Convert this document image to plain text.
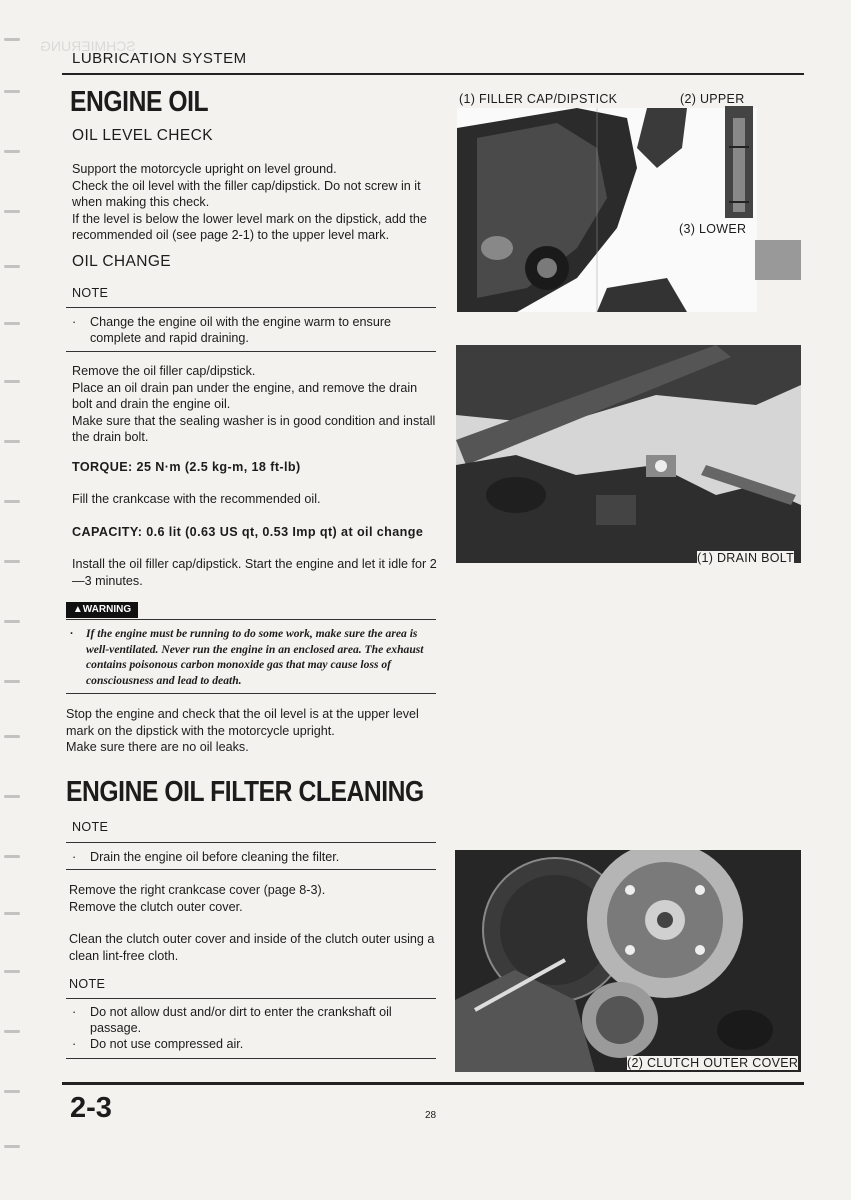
SCHMIERUNG
LUBRICATION SYSTEM
ENGINE OIL
OIL LEVEL CHECK
Support the motorcycle upright on level ground.
Check the oil level with the filler cap/dipstick. Do not screw in it when making this check.
If the level is below the lower level mark on the dipstick, add the recommended oil (see page 2-1) to the upper level mark.
OIL CHANGE
NOTE
·	Change the engine oil with the engine warm to ensure complete and rapid draining.
Remove the oil filler cap/dipstick.
Place an oil drain pan under the engine, and remove the drain bolt and drain the engine oil.
Make sure that the sealing washer is in good condition and install the drain bolt.
TORQUE: 25 N·m (2.5 kg-m, 18 ft-lb)
Fill the crankcase with the recommended oil.
CAPACITY: 0.6 lit (0.63 US qt, 0.53 Imp qt) at oil change
Install the oil filler cap/dipstick. Start the engine and let it idle for 2—3 minutes.
▲WARNING
·	If the engine must be running to do some work, make sure the area is well-ventilated. Never run the engine in an enclosed area. The exhaust contains poisonous carbon monoxide gas that may cause loss of consciousness and lead to death.
Stop the engine and check that the oil level is at the upper level mark on the dipstick with the motorcycle upright.
Make sure there are no oil leaks.
ENGINE OIL FILTER CLEANING
NOTE
·	Drain the engine oil before cleaning the filter.
Remove the right crankcase cover (page 8-3).
Remove the clutch outer cover.
Clean the clutch outer cover and inside of the clutch outer using a clean lint-free cloth.
NOTE
·	Do not allow dust and/or dirt to enter the crankshaft oil passage.
·	Do not use compressed air.
(1) FILLER CAP/DIPSTICK	(2) UPPER
(3) LOWER
(1) DRAIN BOLT
(2) CLUTCH OUTER COVER
2-3	28
